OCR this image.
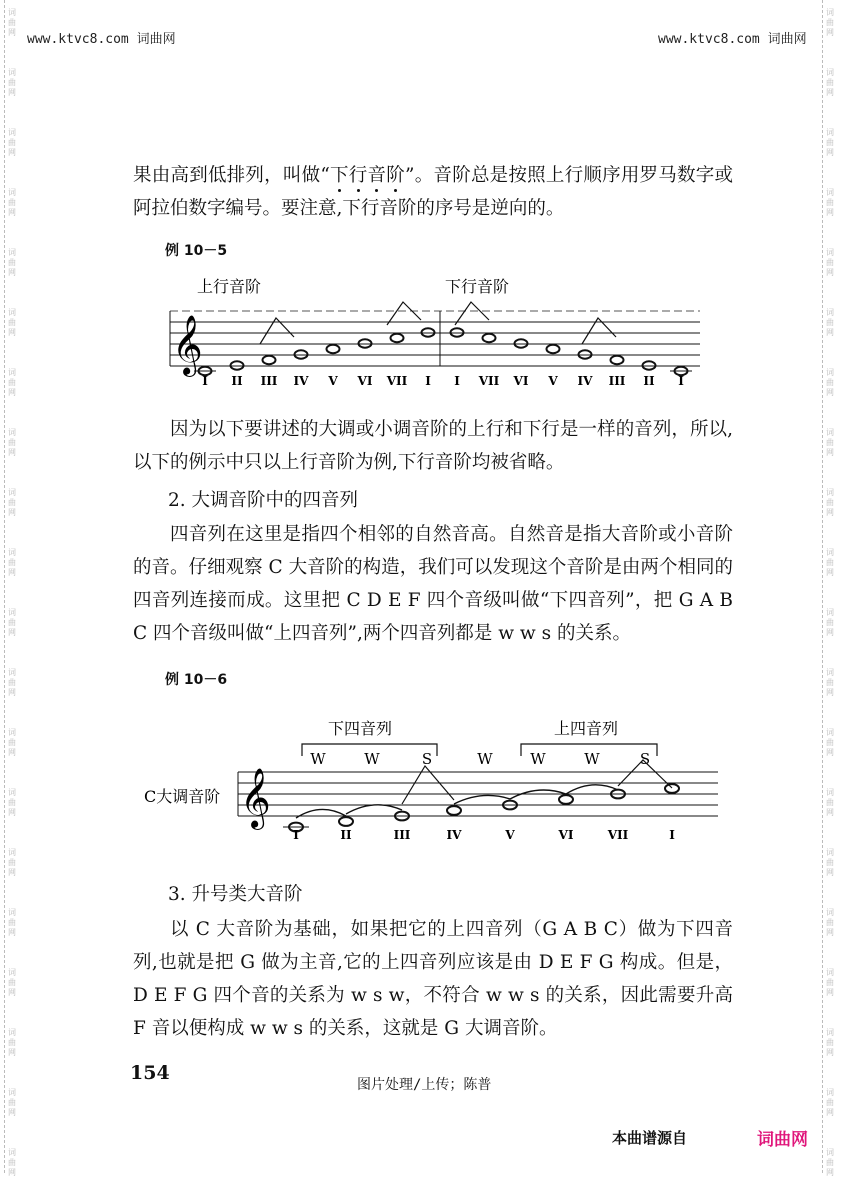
词
曲
网
词
曲
网
词
曲
网
词
曲
网
词
曲
网
词
曲
网
词
曲
网
词
曲
网
词
曲
网
词
曲
网
词
曲
网
词
曲
网
词
曲
网
词
曲
网
词
曲
网
词
曲
网
词
曲
网
词
曲
网
词
曲
网
词
曲
网
词
曲
网
词
曲
网
词
曲
网
词
曲
网
词
曲
网
词
曲
网
词
曲
网
词
曲
网
词
曲
网
词
曲
网
词
曲
网
词
曲
网
词
曲
网
词
曲
网
词
曲
网
词
曲
网
词
曲
网
词
曲
网
词
曲
网
词
曲
网
www.ktvc8.com 词曲网	www.ktvc8.com 词曲网
果由高到低排列，叫做“下
行
音
阶
”。音阶总是按照上行顺序用罗马数字或阿拉伯数字编号。要注意,下行音阶的序号是逆向的。
例 10－5
上行音阶	下行音阶
𝄞
I II III IV V VI VII I I VII VI V IV III II I
因为以下要讲述的大调或小调音阶的上行和下行是一样的音列，所以,以下的例示中只以上行音阶为例,下行音阶均被省略。
2. 大调音阶中的四音列
四音列在这里是指四个相邻的自然音高。自然音是指大音阶或小音阶的音。仔细观察 C 大音阶的构造，我们可以发现这个音阶是由两个相同的四音列连接而成。这里把 C D E F 四个音级叫做“下四音列”，把 G A B C 四个音级叫做“上四音列”,两个四音列都是 w w s 的关系。
例 10－6
下四音列	上四音列
W	W	S	W	W	W	S
C大调音阶 𝄞
I	II	III	IV	V	VI	VII	I
3. 升号类大音阶
以 C 大音阶为基础，如果把它的上四音列（G A B C）做为下四音列,也就是把 G 做为主音,它的上四音列应该是由 D E F G 构成。但是，D E F G 四个音的关系为 w s w，不符合 w w s 的关系，因此需要升高 F 音以便构成 w w s 的关系，这就是 G 大调音阶。
154
图片处理/上传；陈普
本曲谱源自	词曲网
